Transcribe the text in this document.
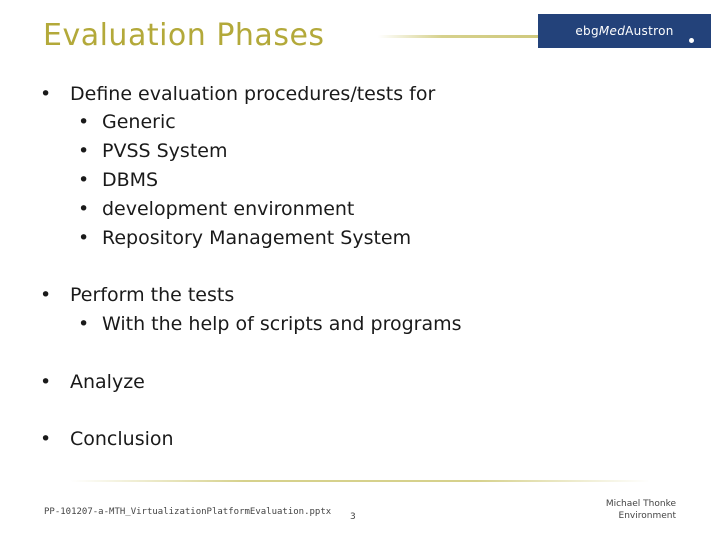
Evaluation Phases	ebg Med Austron
• Define evaluation procedures/tests for
• Generic
• PVSS System
• DBMS
• development environment
• Repository Management System
• Perform the tests
• With the help of scripts and programs
• Analyze
• Conclusion
PP-101207-a-MTH_VirtualizationPlatformEvaluation.pptx 3
Michael Thonke
Environment
